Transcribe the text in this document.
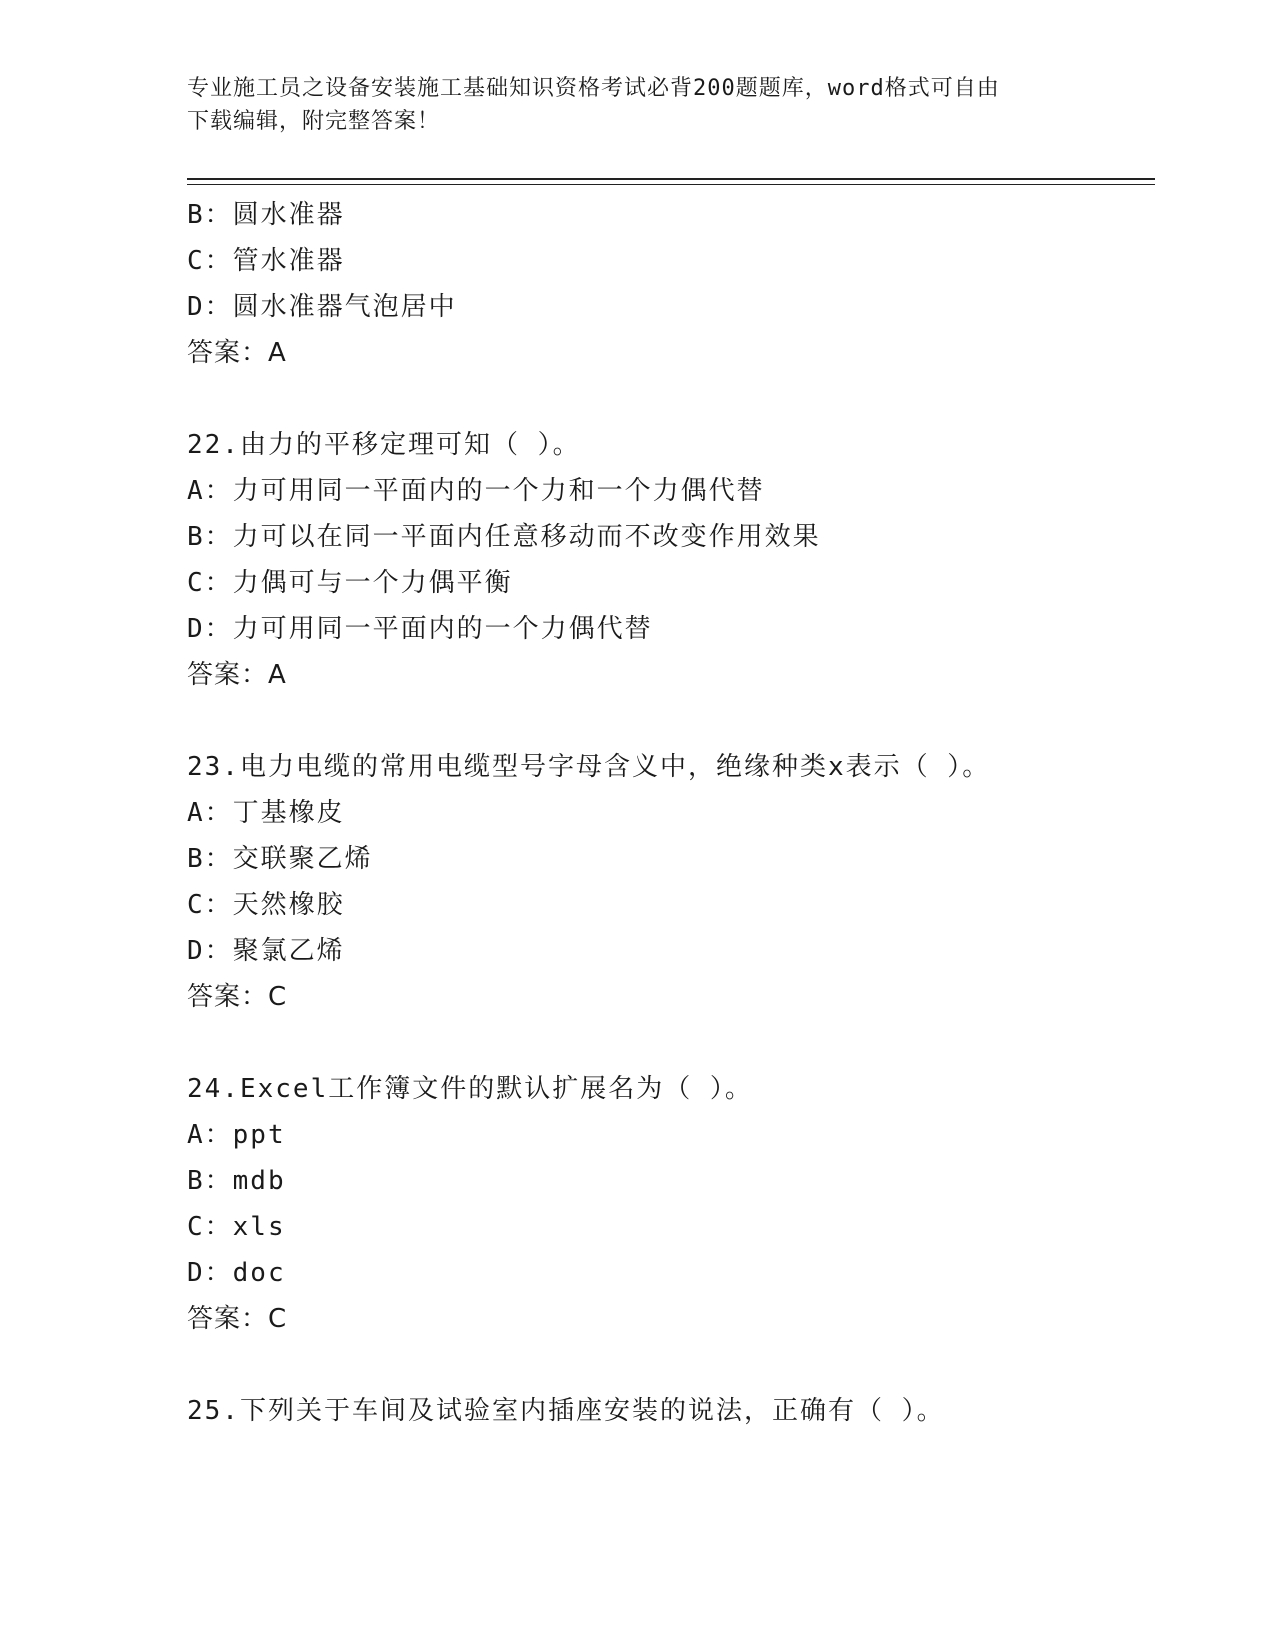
专业施工员之设备安装施工基础知识资格考试必背200题题库，word格式可自由
下载编辑，附完整答案！
B：圆水准器
C：管水准器
D：圆水准器气泡居中
答案：A
22.由力的平移定理可知（ ）。
A：力可用同一平面内的一个力和一个力偶代替
B：力可以在同一平面内任意移动而不改变作用效果
C：力偶可与一个力偶平衡
D：力可用同一平面内的一个力偶代替
答案：A
23.电力电缆的常用电缆型号字母含义中，绝缘种类x表示（ ）。
A：丁基橡皮
B：交联聚乙烯
C：天然橡胶
D：聚氯乙烯
答案：C
24.Excel工作簿文件的默认扩展名为（ ）。
A：ppt
B：mdb
C：xls
D：doc
答案：C
25.下列关于车间及试验室内插座安装的说法，正确有（ ）。
